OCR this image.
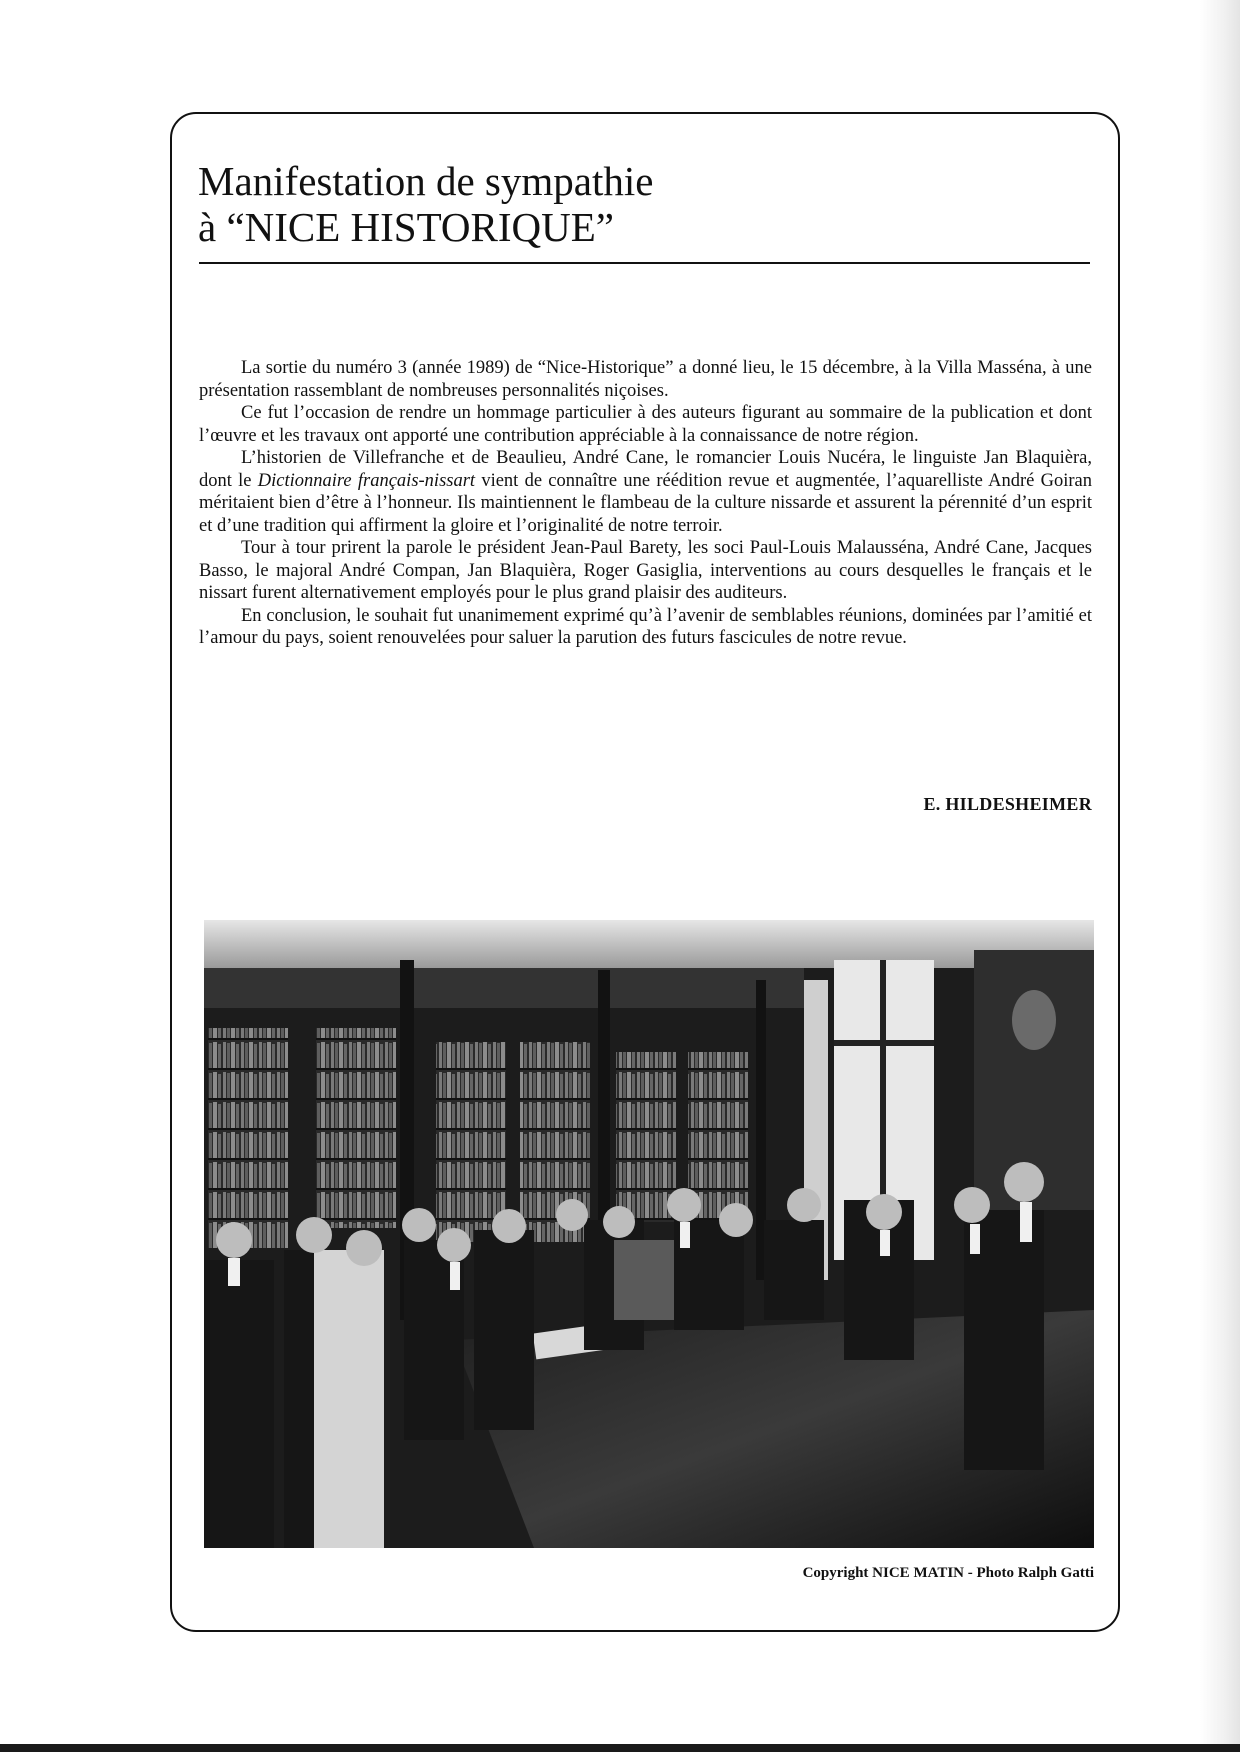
Manifestation de sympathie
à “NICE HISTORIQUE”

La sortie du numéro 3 (année 1989) de “Nice-Historique” a donné lieu, le 15 décembre, à la Villa Masséna, à une présentation rassemblant de nombreuses personnalités niçoises.

Ce fut l’occasion de rendre un hommage particulier à des auteurs figurant au sommaire de la publication et dont l’œuvre et les travaux ont apporté une contribution appréciable à la connaissance de notre région.

L’historien de Villefranche et de Beaulieu, André Cane, le romancier Louis Nucéra, le linguiste Jan Blaquièra, dont le Dictionnaire français-nissart vient de connaître une réédition revue et augmentée, l’aquarelliste André Goiran méritaient bien d’être à l’honneur. Ils maintiennent le flambeau de la culture nissarde et assurent la pérennité d’un esprit et d’une tradition qui affirment la gloire et l’originalité de notre terroir.

Tour à tour prirent la parole le président Jean-Paul Barety, les soci Paul-Louis Malausséna, André Cane, Jacques Basso, le majoral André Compan, Jan Blaquièra, Roger Gasiglia, interventions au cours desquelles le français et le nissart furent alternativement employés pour le plus grand plaisir des auditeurs.

En conclusion, le souhait fut unanimement exprimé qu’à l’avenir de semblables réunions, dominées par l’amitié et l’amour du pays, soient renouvelées pour saluer la parution des futurs fascicules de notre revue.

E. HILDESHEIMER
Copyright NICE MATIN - Photo Ralph Gatti
